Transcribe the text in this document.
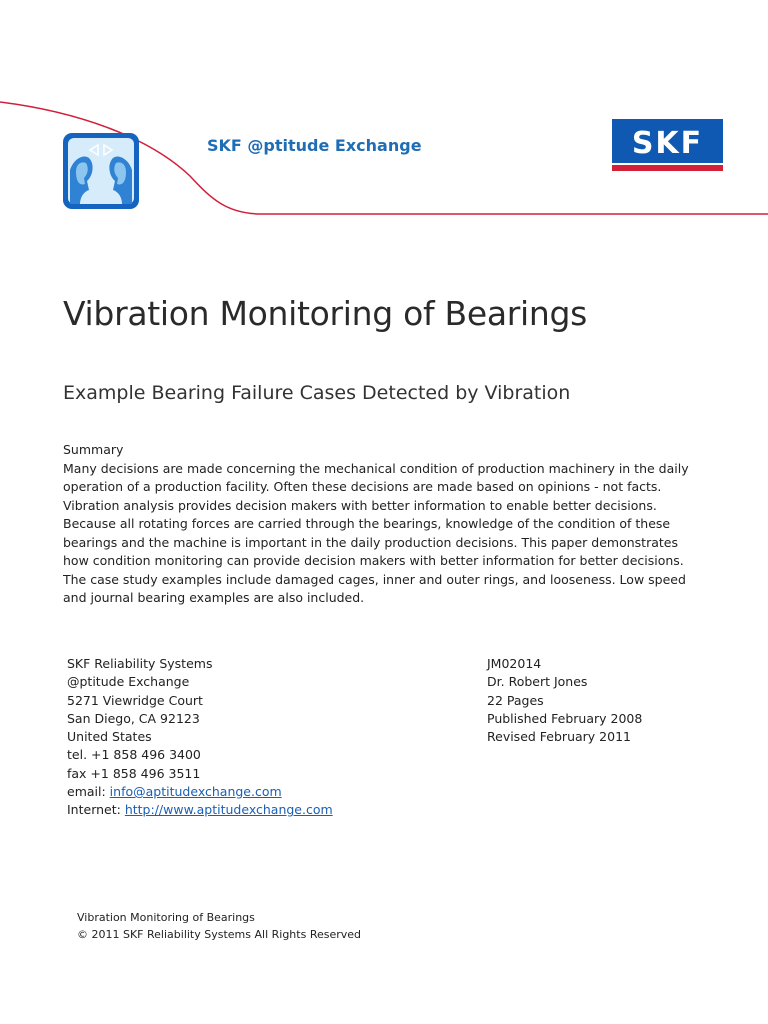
SKF @ptitude Exchange	SKF
Vibration Monitoring of Bearings
Example Bearing Failure Cases Detected by Vibration
Summary
Many decisions are made concerning the mechanical condition of production machinery in the daily
operation of a production facility. Often these decisions are made based on opinions - not facts.
Vibration analysis provides decision makers with better information to enable better decisions.
Because all rotating forces are carried through the bearings, knowledge of the condition of these
bearings and the machine is important in the daily production decisions. This paper demonstrates
how condition monitoring can provide decision makers with better information for better decisions.
The case study examples include damaged cages, inner and outer rings, and looseness. Low speed
and journal bearing examples are also included.
SKF Reliability Systems
@ptitude Exchange
5271 Viewridge Court
San Diego, CA 92123
United States
tel. +1 858 496 3400
fax +1 858 496 3511
email: info@aptitudexchange.com
Internet: http://www.aptitudexchange.com
JM02014
Dr. Robert Jones
22 Pages
Published February 2008
Revised February 2011
Vibration Monitoring of Bearings
© 2011 SKF Reliability Systems All Rights Reserved
